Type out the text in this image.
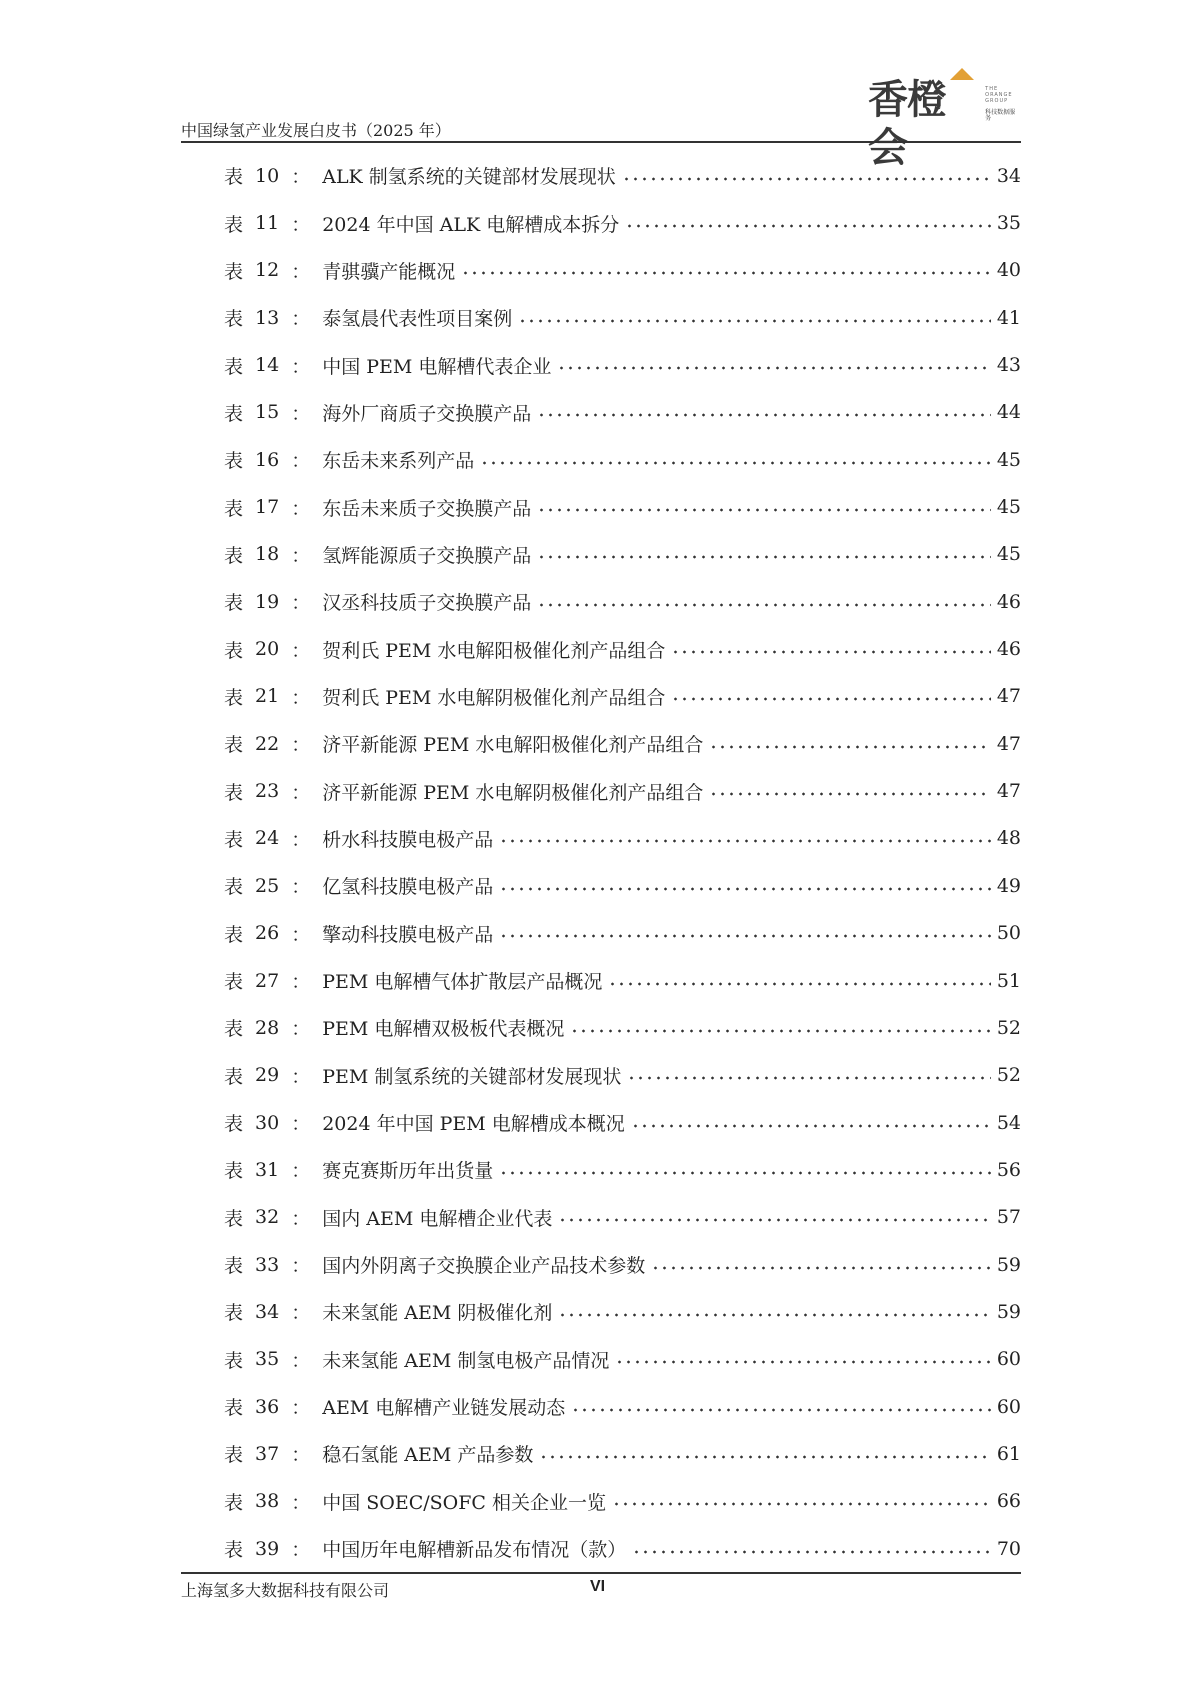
中国绿氢产业发展白皮书（2025 年）
香橙会
THE
ORANGE
GROUP
科技数据服务
表 10 ： ALK 制氢系统的关键部材发展现状	34
表 11 ： 2024 年中国 ALK 电解槽成本拆分	35
表 12 ： 青骐骥产能概况	40
表 13 ： 泰氢晨代表性项目案例	41
表 14 ： 中国 PEM 电解槽代表企业	43
表 15 ： 海外厂商质子交换膜产品	44
表 16 ： 东岳未来系列产品	45
表 17 ： 东岳未来质子交换膜产品	45
表 18 ： 氢辉能源质子交换膜产品	45
表 19 ： 汉丞科技质子交换膜产品	46
表 20 ： 贺利氏 PEM 水电解阳极催化剂产品组合	46
表 21 ： 贺利氏 PEM 水电解阴极催化剂产品组合	47
表 22 ： 济平新能源 PEM 水电解阳极催化剂产品组合	47
表 23 ： 济平新能源 PEM 水电解阴极催化剂产品组合	47
表 24 ： 枡水科技膜电极产品	48
表 25 ： 亿氢科技膜电极产品	49
表 26 ： 擎动科技膜电极产品	50
表 27 ： PEM 电解槽气体扩散层产品概况	51
表 28 ： PEM 电解槽双极板代表概况	52
表 29 ： PEM 制氢系统的关键部材发展现状	52
表 30 ： 2024 年中国 PEM 电解槽成本概况	54
表 31 ： 赛克赛斯历年出货量	56
表 32 ： 国内 AEM 电解槽企业代表	57
表 33 ： 国内外阴离子交换膜企业产品技术参数	59
表 34 ： 未来氢能 AEM 阴极催化剂	59
表 35 ： 未来氢能 AEM 制氢电极产品情况	60
表 36 ： AEM 电解槽产业链发展动态	60
表 37 ： 稳石氢能 AEM 产品参数	61
表 38 ： 中国 SOEC/SOFC 相关企业一览	66
表 39 ： 中国历年电解槽新品发布情况（款）	70
上海氢多大数据科技有限公司	VI
